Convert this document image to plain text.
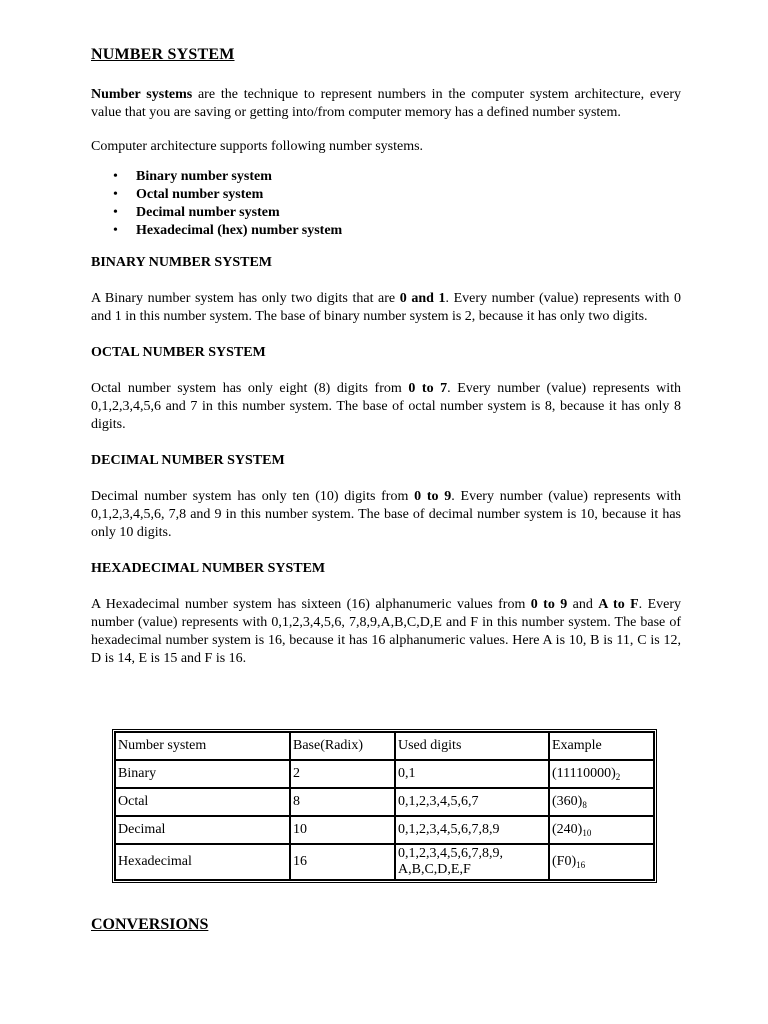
NUMBER SYSTEM

Number systems are the technique to represent numbers in the computer system architecture, every value that you are saving or getting into/from computer memory has a defined number system.

Computer architecture supports following number systems.

• Binary number system
• Octal number system
• Decimal number system
• Hexadecimal (hex) number system
BINARY NUMBER SYSTEM

A Binary number system has only two digits that are 0 and 1. Every number (value) represents with 0 and 1 in this number system. The base of binary number system is 2, because it has only two digits.

OCTAL NUMBER SYSTEM

Octal number system has only eight (8) digits from 0 to 7. Every number (value) represents with 0,1,2,3,4,5,6 and 7 in this number system. The base of octal number system is 8, because it has only 8 digits.

DECIMAL NUMBER SYSTEM

Decimal number system has only ten (10) digits from 0 to 9. Every number (value) represents with 0,1,2,3,4,5,6, 7,8 and 9 in this number system. The base of decimal number system is 10, because it has only 10 digits.

HEXADECIMAL NUMBER SYSTEM

A Hexadecimal number system has sixteen (16) alphanumeric values from 0 to 9 and A to F. Every number (value) represents with 0,1,2,3,4,5,6, 7,8,9,A,B,C,D,E and F in this number system. The base of hexadecimal number system is 16, because it has 16 alphanumeric values. Here A is 10, B is 11, C is 12, D is 14, E is 15 and F is 16.

Number system	Base(Radix)	Used digits	Example
Binary	2	0,1	$(11110000)_2$
Octal	8	0,1,2,3,4,5,6,7	$(360)_8$
Decimal	10	0,1,2,3,4,5,6,7,8,9	$(240)_{10}$
Hexadecimal	16	0,1,2,3,4,5,6,7,8,9,
A,B,C,D,E,F	$(F0)_{16}$
CONVERSIONS
